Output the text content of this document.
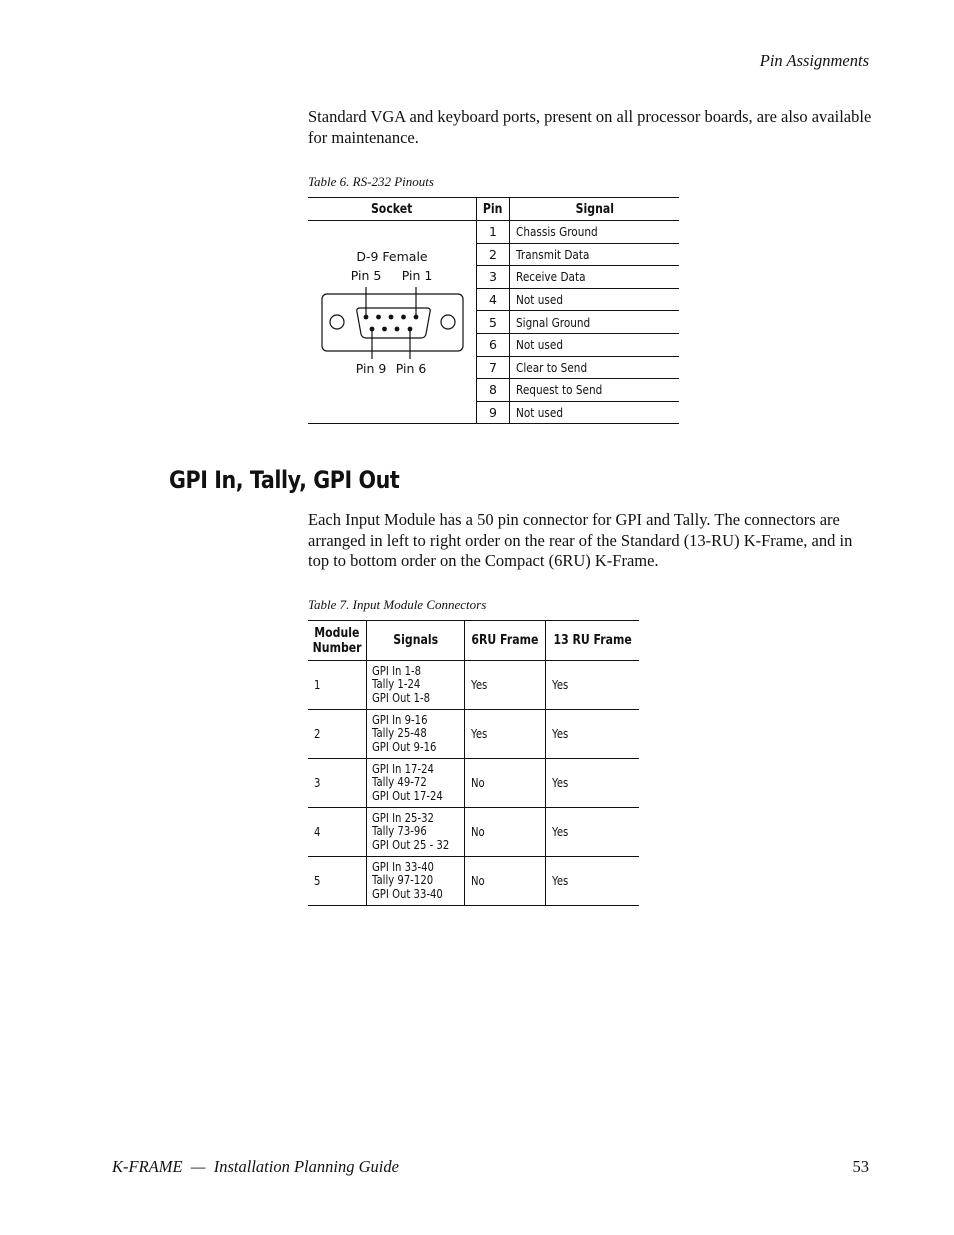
Pin Assignments
Standard VGA and keyboard ports, present on all processor boards, are also available for maintenance.
Table 6. RS-232 Pinouts
Socket	Pin	Signal

D-9 Female
Pin 5 Pin 1
Pin 9 Pin 6	1	Chassis Ground
	2	Transmit Data
	3	Receive Data
	4	Not used
	5	Signal Ground
	6	Not used
	7	Clear to Send
	8	Request to Send
	9	Not used
GPI In, Tally, GPI Out
Each Input Module has a 50 pin connector for GPI and Tally. The connectors are arranged in left to right order on the rear of the Standard (13-RU) K-Frame, and in top to bottom order on the Compact (6RU) K-Frame.
Table 7. Input Module Connectors
Module
Number	Signals	6RU Frame	13 RU Frame
1	GPI In 1-8
Tally 1-24
GPI Out 1-8	Yes	Yes
2	GPI In 9-16
Tally 25-48
GPI Out 9-16	Yes	Yes
3	GPI In 17-24
Tally 49-72
GPI Out 17-24	No	Yes
4	GPI In 25-32
Tally 73-96
GPI Out 25 - 32	No	Yes
5	GPI In 33-40
Tally 97-120
GPI Out 33-40	No	Yes
K-FRAME  —  Installation Planning Guide	53
